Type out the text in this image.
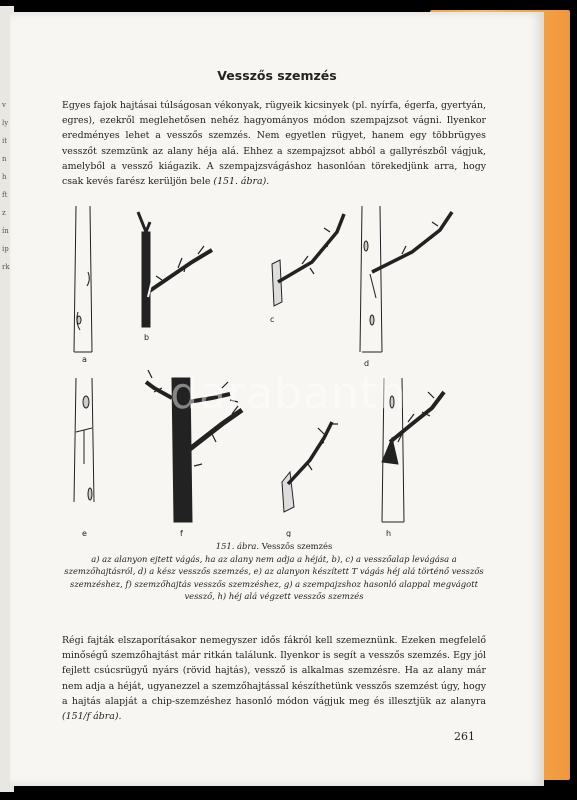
v
ly
it
n
h
ft
z
ín
ip
rk
Vesszős szemzés
Egyes fajok hajtásai túlságosan vékonyak, rügyeik kicsinyek (pl. nyírfa, égerfa, gyertyán, egres), ezekről meglehetősen nehéz hagyományos módon szempajzsot vágni. Ilyenkor eredményes lehet a vesszős szemzés. Nem egyetlen rügyet, hanem egy többrügyes vesszőt szemzünk az alany héja alá. Ehhez a szempajzsot abból a gallyrészből vágjuk, amelyből a vessző kiágazik. A szempajzsvágáshoz hasonlóan törekedjünk arra, hogy csak kevés farész kerüljön bele (151. ábra).
a
b
c
d
e	f	g	h
151. ábra. Vesszős szemzés
a) az alanyon ejtett vágás, ha az alany nem adja a héját, b), c) a vesszőalap levágása a szemzőhajtásról, d) a kész vesszős szemzés, e) az alanyon készített T vágás héj alá történő vesszős szemzéshez, f) szemzőhajtás vesszős szemzéshez, g) a szempajzshoz hasonló alappal megvágott vessző, h) héj alá végzett vesszős szemzés
Régi fajták elszaporításakor nemegyszer idős fákról kell szemeznünk. Ezeken megfelelő minőségű szemzőhajtást már ritkán találunk. Ilyenkor is segít a vesszős szemzés. Egy jól fejlett csúcsrügyű nyárs (rövid hajtás), vessző is alkalmas szemzésre. Ha az alany már nem adja a héját, ugyanezzel a szemzőhajtással készíthetünk vesszős szemzést úgy, hogy a hajtás alapját a chip-szemzéshez hasonló módon vágjuk meg és illesztjük az alanyra (151/f ábra).
261
darabanth
